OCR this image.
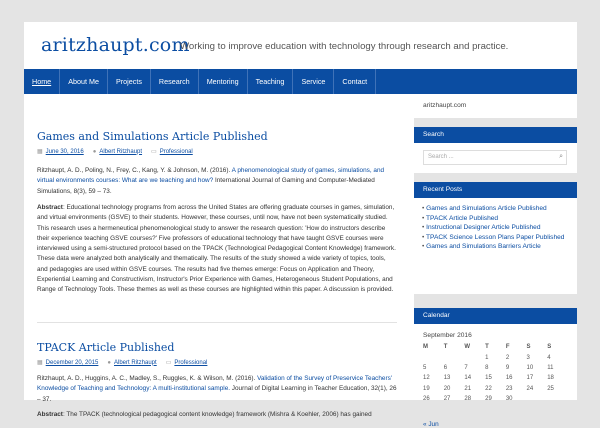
aritzhaupt.com
Working to improve education with technology through research and practice.
Home	About Me	Projects	Research	Mentoring	Teaching	Service	Contact
Games and Simulations Article Published
▦ June 30, 2016 ● Albert Ritzhaupt ▭ Professional
Ritzhaupt, A. D., Poling, N., Frey, C., Kang, Y. & Johnson, M. (2016). A phenomenological study of games, simulations, and virtual environments courses: What are we teaching and how? International Journal of Gaming and Computer-Mediated Simulations, 8(3), 59 – 73.
Abstract: Educational technology programs from across the United States are offering graduate courses in games, simulation, and virtual environments (GSVE) to their students. However, these courses, until now, have not been systematically studied. This research uses a hermeneutical phenomenological study to answer the research question: 'How do instructors describe their experience teaching GSVE courses?' Five professors of educational technology that have taught GSVE courses were interviewed using a semi-structured protocol based on the TPACK (Technological Pedagogical Content Knowledge) framework. These data were analyzed both analytically and thematically. The results of the study showed a wide variety of topics, tools, and pedagogies are used within GSVE courses. The results had five themes emerge: Focus on Application and Theory, Experiential Learning and Constructivism, Instructor's Prior Experience with Games, Heterogeneous Student Populations, and Range of Technology Tools. These themes as well as these courses are highlighted within this paper. A discussion is provided.
TPACK Article Published
▦ December 20, 2015 ● Albert Ritzhaupt ▭ Professional
Ritzhaupt, A. D., Huggins, A. C., Madley, S., Ruggles, K. & Wilson, M. (2016). Validation of the Survey of Preservice Teachers' Knowledge of Teaching and Technology: A multi-institutional sample. Journal of Digital Learning in Teacher Education, 32(1), 26 – 37.
Abstract: The TPACK (technological pedagogical content knowledge) framework (Mishra & Koehler, 2006) has gained
aritzhaupt.com
Search
Search ...	⌕
Recent Posts
• Games and Simulations Article Published
• TPACK Article Published
• Instructional Designer Article Published
• TPACK Science Lesson Plans Paper Published
• Games and Simulations Barriers Article
Calendar
September 2016
M	T	W	T	F	S	S
			1	2	3	4
5	6	7	8	9	10	11
12	13	14	15	16	17	18
19	20	21	22	23	24	25
26	27	28	29	30		
« Jun
